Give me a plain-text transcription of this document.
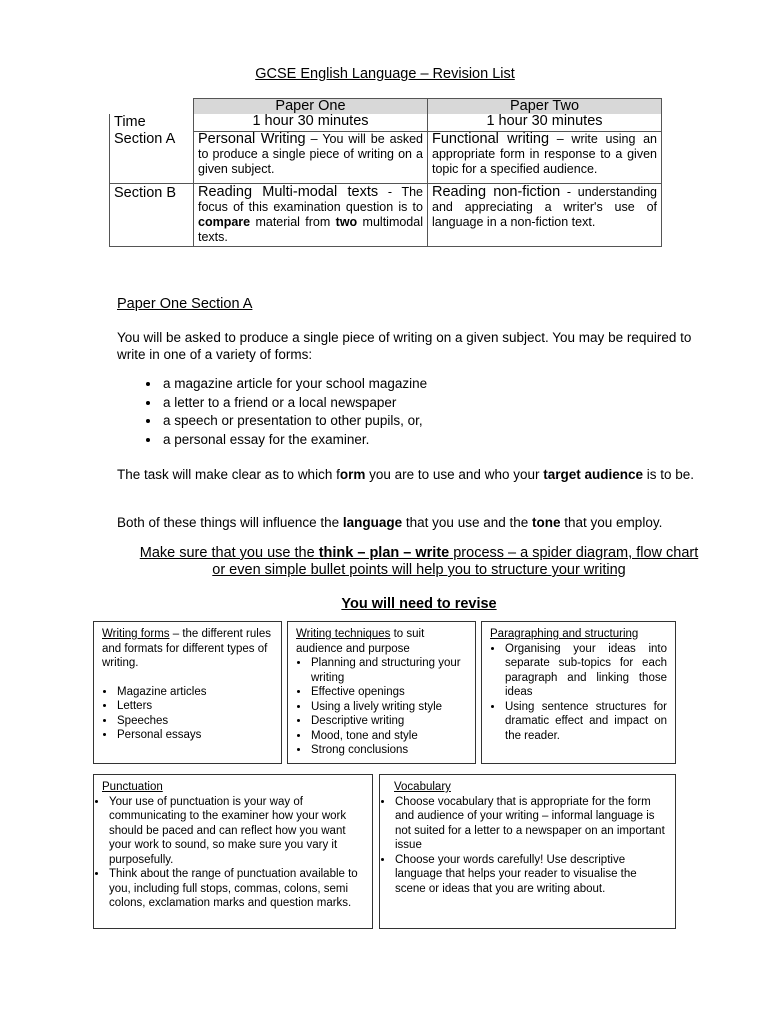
GCSE English Language – Revision List
	Paper One	Paper Two
Time	1 hour 30 minutes	1 hour 30 minutes
Section A	Personal Writing – You will be asked to produce a single piece of writing on a given subject.	Functional writing – write using an appropriate form in response to a given topic for a specified audience.
Section B	Reading Multi-modal texts - The focus of this examination question is to compare material from two multimodal texts.	Reading non-fiction - understanding and appreciating a writer's use of language in a non-fiction text.
Paper One Section A
You will be asked to produce a single piece of writing on a given subject. You may be required to write in one of a variety of forms:
• a magazine article for your school magazine
• a letter to a friend or a local newspaper
• a speech or presentation to other pupils, or,
• a personal essay for the examiner.
The task will make clear as to which form you are to use and who your target audience is to be.
Both of these things will influence the language that you use and the tone that you employ.
Make sure that you use the think – plan – write process – a spider diagram, flow chart
or even simple bullet points will help you to structure your writing
You will need to revise
Writing forms – the different rules and formats for different types of writing.
• Magazine articles
• Letters
• Speeches
• Personal essays
Writing techniques to suit audience and purpose
• Planning and structuring your writing
• Effective openings
• Using a lively writing style
• Descriptive writing
• Mood, tone and style
• Strong conclusions
Paragraphing and structuring
• Organising your ideas into separate sub-topics for each paragraph and linking those ideas
• Using sentence structures for dramatic effect and impact on the reader.
Punctuation
• Your use of punctuation is your way of communicating to the examiner how your work should be paced and can reflect how you want your work to sound, so make sure you vary it purposefully.
• Think about the range of punctuation available to you, including full stops, commas, colons, semi colons, exclamation marks and question marks.
Vocabulary
• Choose vocabulary that is appropriate for the form and audience of your writing – informal language is not suited for a letter to a newspaper on an important issue
• Choose your words carefully! Use descriptive language that helps your reader to visualise the scene or ideas that you are writing about.
